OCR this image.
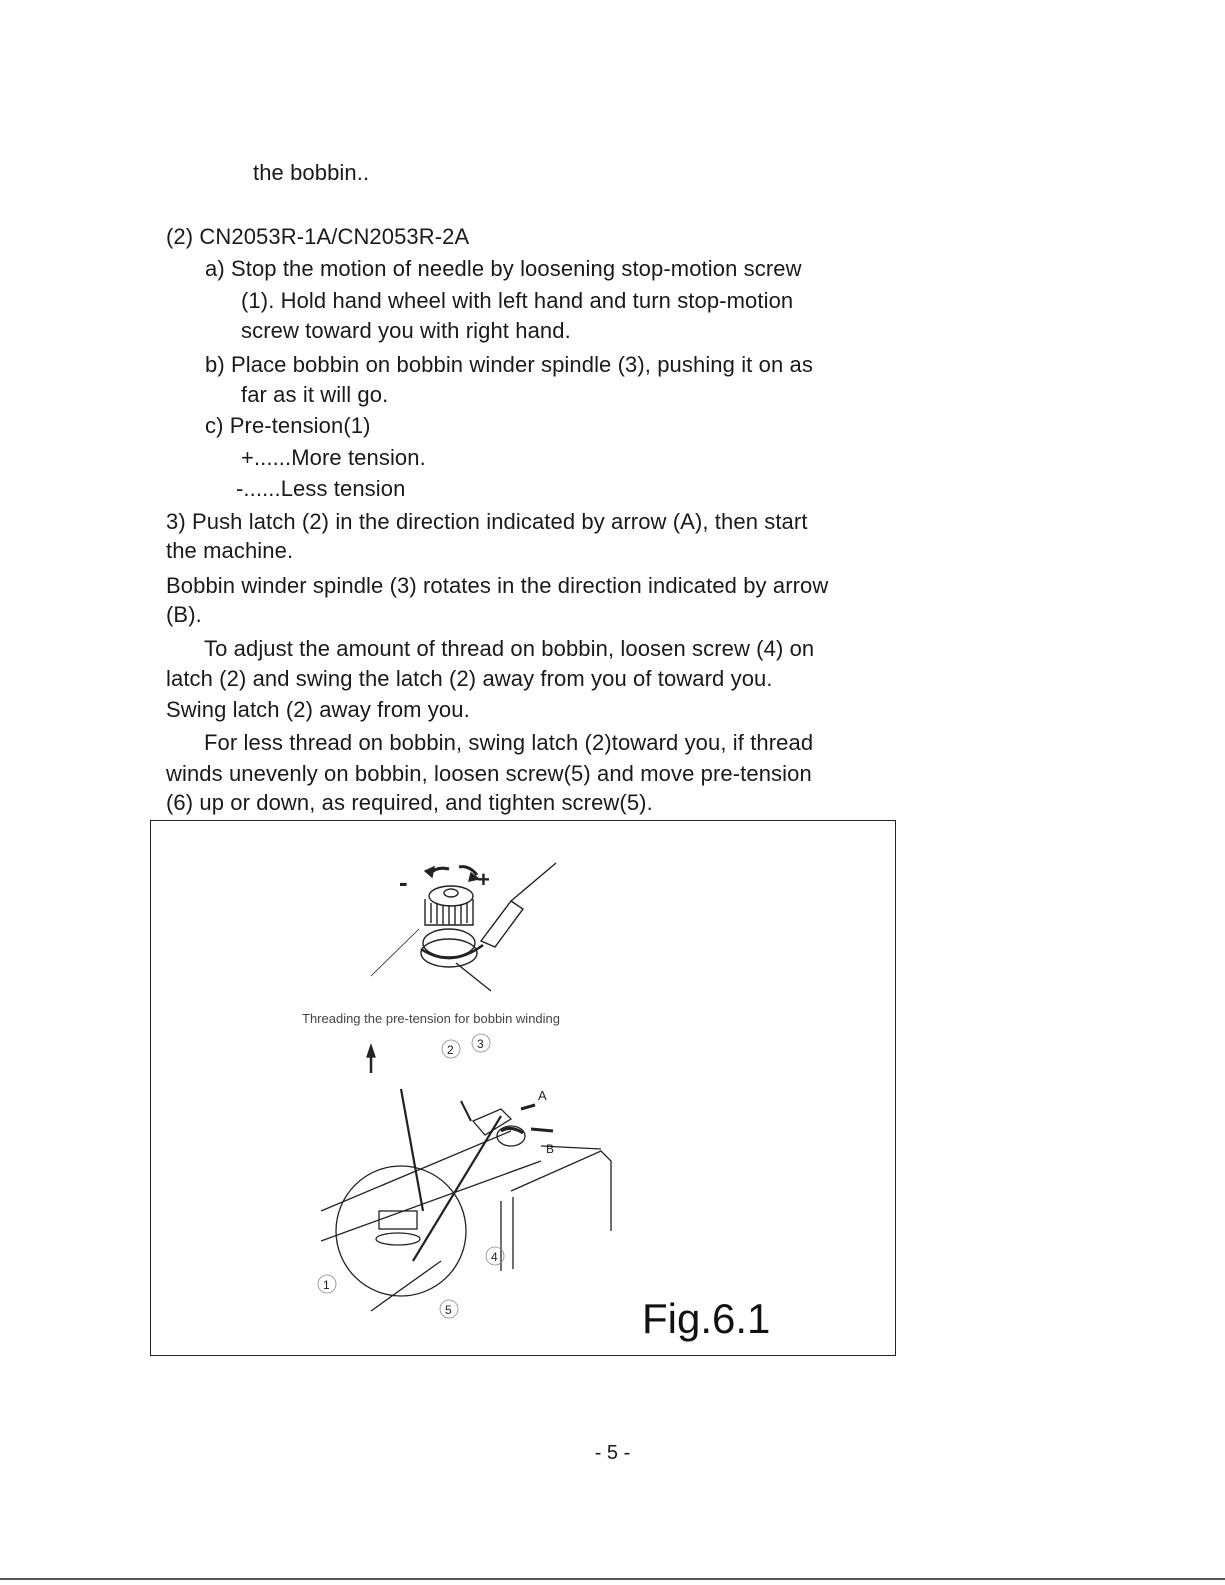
the bobbin..
(2) CN2053R-1A/CN2053R-2A
a) Stop the motion of needle by loosening stop-motion screw
(1). Hold hand wheel with left hand and turn stop-motion
screw toward you with right hand.
b) Place bobbin on bobbin winder spindle (3), pushing it on as
far as it will go.
c) Pre-tension(1)
+......More tension.
-......Less tension
3) Push latch (2) in the direction indicated by arrow (A), then start
the machine.
Bobbin winder spindle (3) rotates in the direction indicated by arrow
(B).
To adjust the amount of thread on bobbin, loosen screw (4) on
latch (2) and swing the latch (2) away from you of toward you.
Swing latch (2) away from you.
For less thread on bobbin, swing latch (2)toward you, if thread
winds unevenly on bobbin, loosen screw(5) and move pre-tension
(6) up or down, as required, and tighten screw(5).
-	+
Threading the pre-tension for bobbin winding
2 3
A
B
4
1
5	Fig.6.1
- 5 -
